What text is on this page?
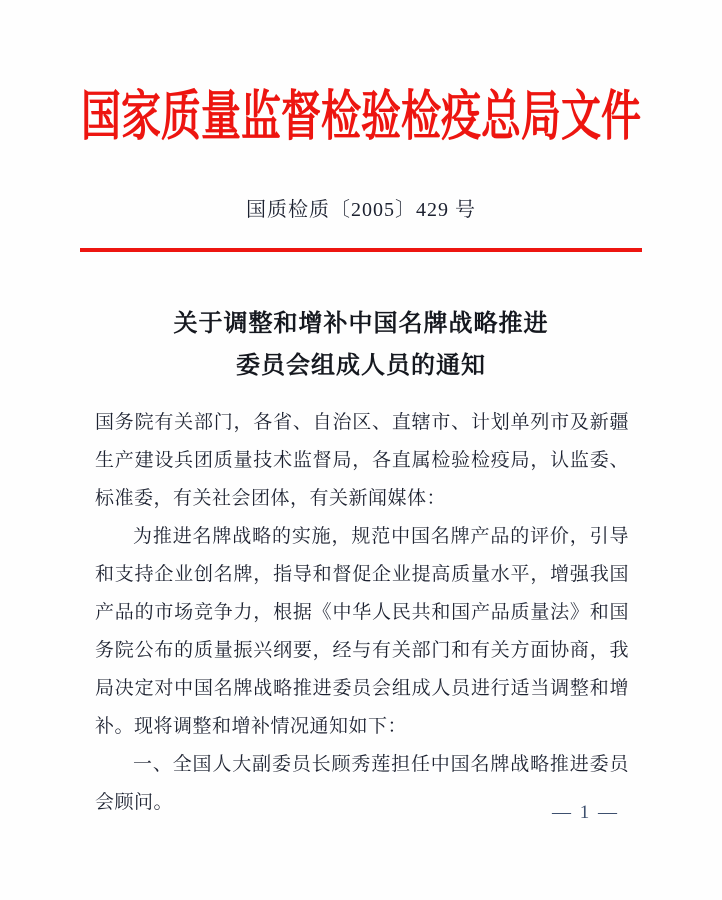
国家质量监督检验检疫总局文件
国质检质〔2005〕429 号
关于调整和增补中国名牌战略推进
委员会组成人员的通知

国务院有关部门，各省、自治区、直辖市、计划单列市及新疆生产建设兵团质量技术监督局，各直属检验检疫局，认监委、标准委，有关社会团体，有关新闻媒体：

为推进名牌战略的实施，规范中国名牌产品的评价，引导和支持企业创名牌，指导和督促企业提高质量水平，增强我国产品的市场竞争力，根据《中华人民共和国产品质量法》和国务院公布的质量振兴纲要，经与有关部门和有关方面协商，我局决定对中国名牌战略推进委员会组成人员进行适当调整和增补。现将调整和增补情况通知如下：

一、全国人大副委员长顾秀莲担任中国名牌战略推进委员会顾问。	— 1 —
